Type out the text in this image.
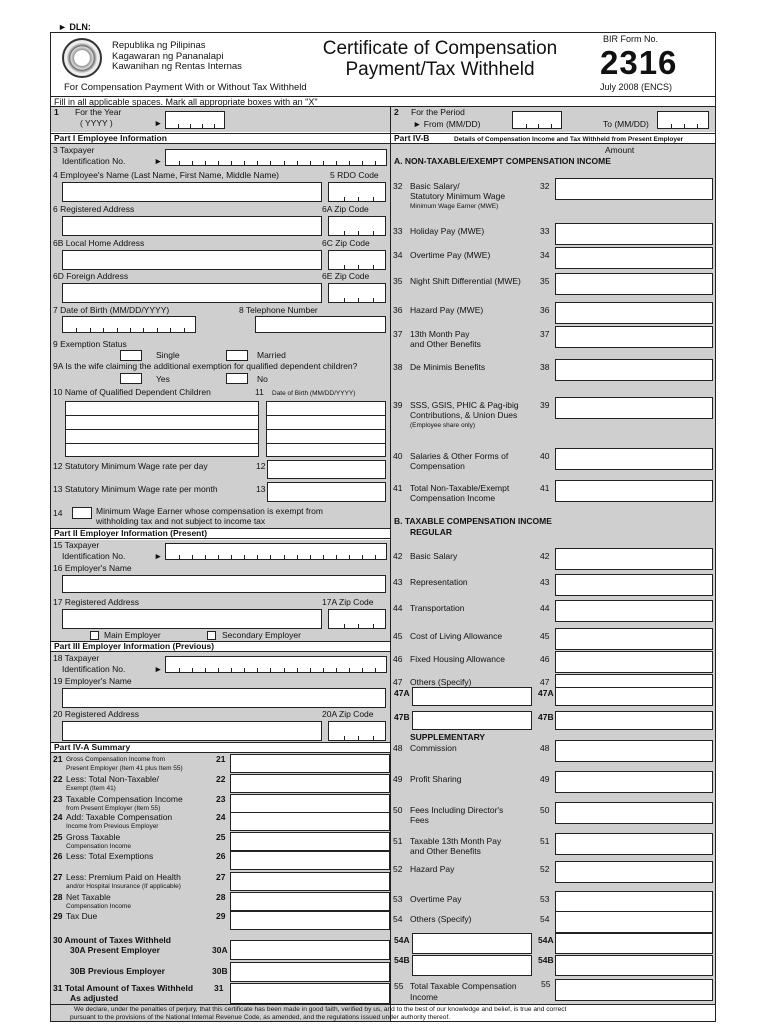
► DLN:
Republika ng Pilipinas
Kagawaran ng Pananalapi
Kawanihan ng Rentas Internas
Certificate of Compensation
Payment/Tax Withheld
BIR Form No.
2316
July 2008 (ENCS)
For Compensation Payment With or Without Tax Withheld
Fill in all applicable spaces. Mark all appropriate boxes with an "X"
1 For the Year
( YYYY )	►
2 For the Period
► From (MM/DD)	To (MM/DD)
Part I Employee Information
3 Taxpayer
Identification No.	►
4 Employee's Name (Last Name, First Name, Middle Name)	5 RDO Code
6 Registered Address	6A Zip Code
6B Local Home Address	6C Zip Code
6D Foreign Address	6E Zip Code
7 Date of Birth (MM/DD/YYYY)	8 Telephone Number
9 Exemption Status
Single	Married
9A Is the wife claiming the additional exemption for qualified dependent children?
Yes	No
10 Name of Qualified Dependent Children	11 Date of Birth (MM/DD/YYYY)
12 Statutory Minimum Wage rate per day	12
13 Statutory Minimum Wage rate per month	13
14	Minimum Wage Earner whose compensation is exempt from
withholding tax and not subject to income tax
Part II Employer Information (Present)
15 Taxpayer
Identification No.	►
16 Employer's Name
17 Registered Address	17A Zip Code
Main Employer	Secondary Employer
Part III Employer Information (Previous)
18 Taxpayer
Identification No.	►
19 Employer's Name
20 Registered Address	20A Zip Code
Part IV-A Summary
21 Gross Compensation Income from
Present Employer (Item 41 plus Item 55)
21
22 Less: Total Non-Taxable/
Exempt (Item 41)
22
23 Taxable Compensation Income
from Present Employer (Item 55)
23
24 Add: Taxable Compensation
Income from Previous Employer
24
25 Gross Taxable
Compensation Income
25
26 Less: Total Exemptions	26
27 Less: Premium Paid on Health
and/or Hospital Insurance (If applicable)
27
28 Net Taxable
Compensation Income
28
29 Tax Due	29
30 Amount of Taxes Withheld
30A Present Employer	30A
30B Previous Employer	30B
31 Total Amount of Taxes Withheld
As adjusted
31
Part IV-B	Details of Compensation Income and Tax Withheld from Present Employer
Amount
A. NON-TAXABLE/EXEMPT COMPENSATION INCOME
32 Basic Salary/
Statutory Minimum Wage
Minimum Wage Earner (MWE)
32
33 Holiday Pay (MWE)	33
34 Overtime Pay (MWE)	34
35 Night Shift Differential (MWE) 35
36 Hazard Pay (MWE)	36
37 13th Month Pay
and Other Benefits
37
38 De Minimis Benefits	38
39 SSS, GSIS, PHIC & Pag-ibig
Contributions, & Union Dues
(Employee share only)
39
40 Salaries & Other Forms of
Compensation
40
41 Total Non-Taxable/Exempt
Compensation Income
41
B. TAXABLE COMPENSATION INCOME
REGULAR
42 Basic Salary	42
43 Representation	43
44 Transportation	44
45 Cost of Living Allowance	45
46 Fixed Housing Allowance	46
47 Others (Specify)	47
47A	47A
47B	47B
SUPPLEMENTARY
48 Commission	48
49 Profit Sharing	49
50 Fees Including Director's
Fees
50
51 Taxable 13th Month Pay
and Other Benefits
51
52 Hazard Pay	52
53 Overtime Pay	53
54 Others (Specify)	54
54A	54A
54B	54B
55 Total Taxable Compensation
Income
55
We declare, under the penalties of perjury, that this certificate has been made in good faith, verified by us, and to the best of our knowledge and belief, is true and correct
pursuant to the provisions of the National Internal Revenue Code, as amended, and the regulations issued under authority thereof.
